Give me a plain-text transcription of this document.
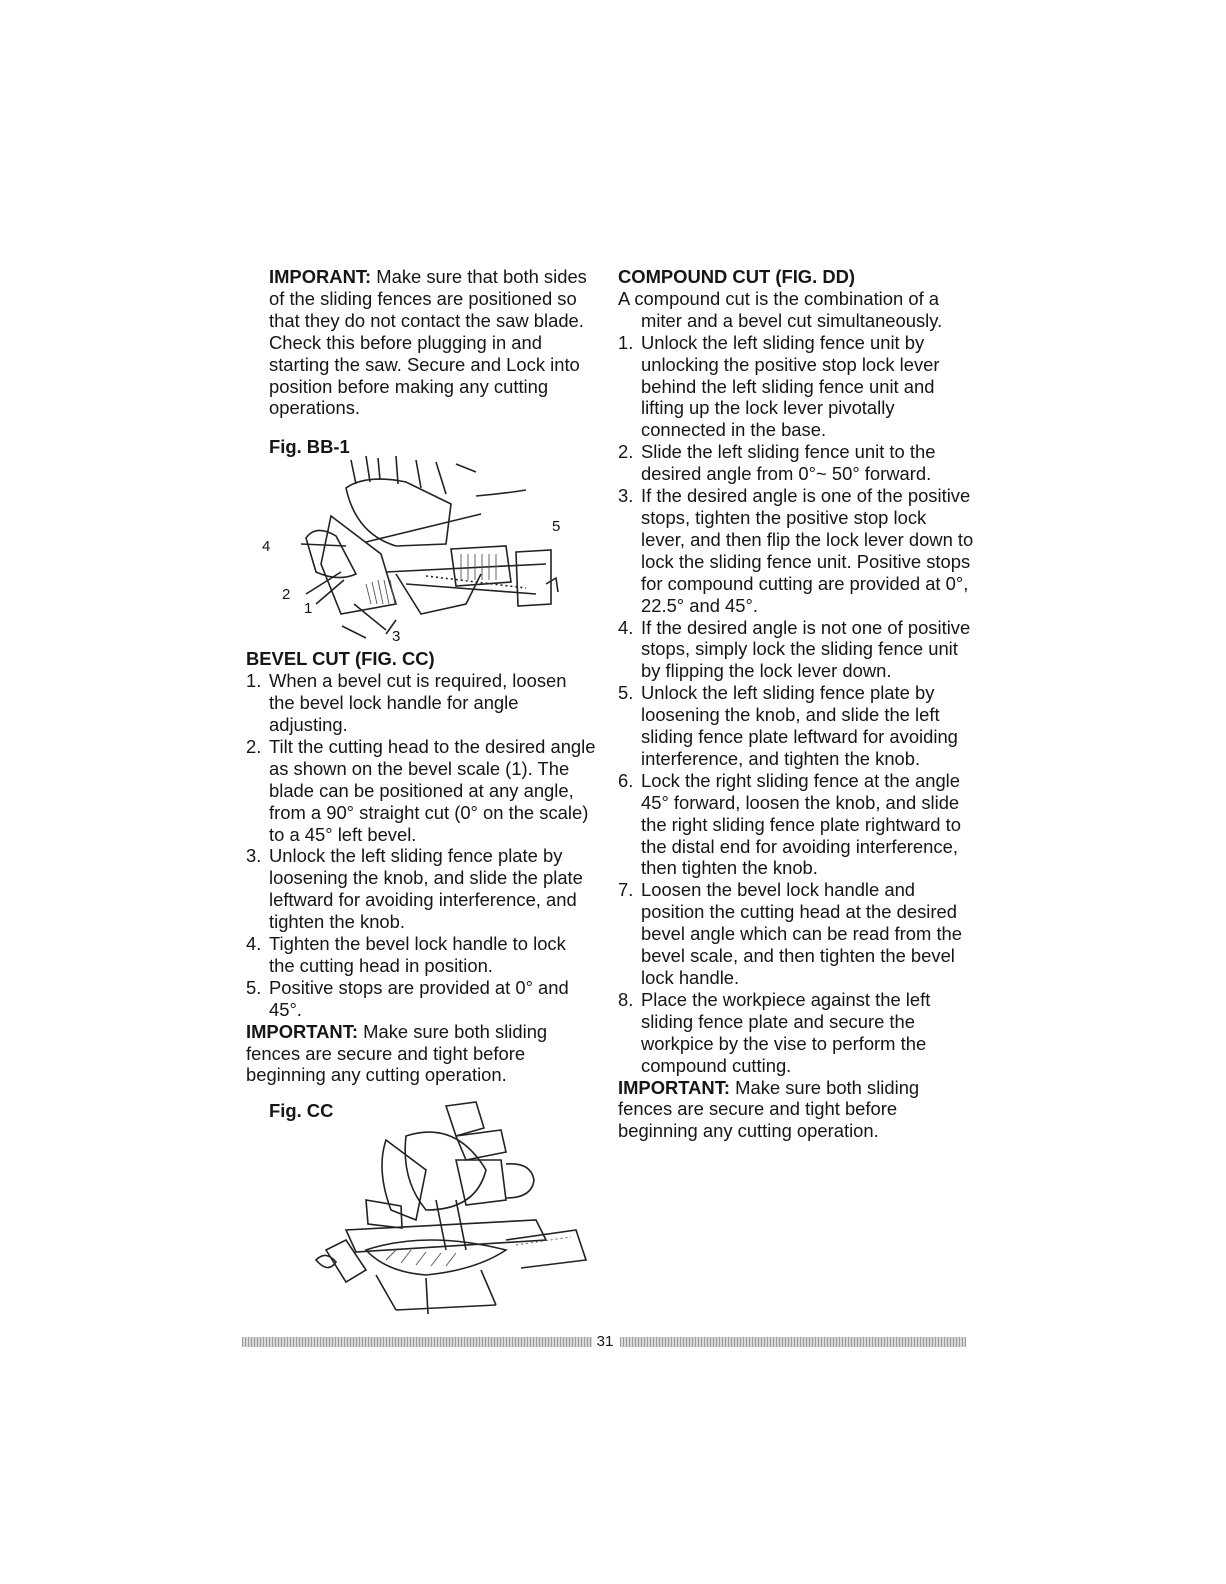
IMPORANT: Make sure that both sides of the sliding fences are positioned so that they do not contact the saw blade. Check this before plugging in and starting the saw. Secure and Lock into position before making any cutting operations.

Fig. BB-1
5
4
2
1
3
BEVEL CUT (FIG. CC)
1. When a bevel cut is required, loosen the bevel lock handle for angle adjusting.
2. Tilt the cutting head to the desired angle as shown on the bevel scale (1). The blade can be positioned at any angle, from a 90° straight cut (0° on the scale) to a 45° left bevel.
3. Unlock the left sliding fence plate by loosening the knob, and slide the plate leftward for avoiding interference, and tighten the knob.
4. Tighten the bevel lock handle to lock the cutting head in position.
5. Positive stops are provided at 0° and 45°.

IMPORTANT: Make sure both sliding fences are secure and tight before beginning any cutting operation.

Fig. CC
COMPOUND CUT (FIG. DD)

A compound cut is the combination of a miter and a bevel cut simultaneously.

1. Unlock the left sliding fence unit by unlocking the positive stop lock lever behind the left sliding fence unit and lifting up the lock lever pivotally connected in the base.
2. Slide the left sliding fence unit to the desired angle from 0°~ 50° forward.
3. If the desired angle is one of the positive stops, tighten the positive stop lock lever, and then flip the lock lever down to lock the sliding fence unit. Positive stops for compound cutting are provided at 0°, 22.5° and 45°.
4. If the desired angle is not one of positive stops, simply lock the sliding fence unit by flipping the lock lever down.
5. Unlock the left sliding fence plate by loosening the knob, and slide the left sliding fence plate leftward for avoiding interference, and tighten the knob.
6. Lock the right sliding fence at the angle 45° forward, loosen the knob, and slide the right sliding fence plate rightward to the distal end for avoiding interference, then tighten the knob.
7. Loosen the bevel lock handle and position the cutting head at the desired bevel angle which can be read from the bevel scale, and then tighten the bevel lock handle.
8. Place the workpiece against the left sliding fence plate and secure the workpice by the vise to perform the compound cutting.

IMPORTANT: Make sure both sliding fences are secure and tight before beginning any cutting operation.

31
